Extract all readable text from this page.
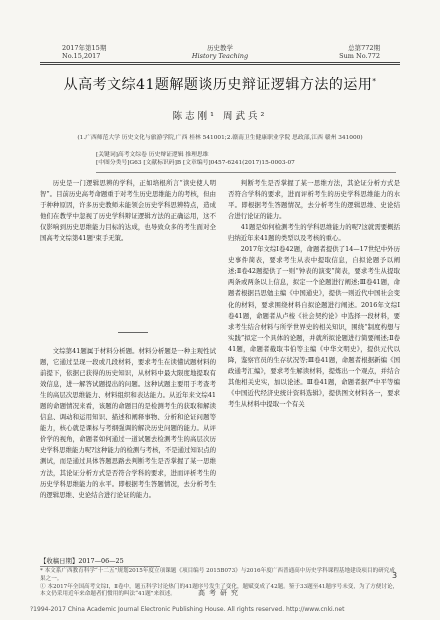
2017年第15期
No.15,2017
历史教学
History Teaching
总第772期
Sum No.772
从高考文综41题解题谈历史辩证逻辑方法的运用*
陈志刚¹ 周武兵²
(1.广西师范大学 历史文化与旅游学院,广西 桂林 541001;2.赣南卫生健康职业学院 思政部,江西 赣州 341000)
[关键词]高考文综卷 历史辩证逻辑 推理思维
[中图分类号]G63 [文献标识码]B [文章编号]0457-6241(2017)15-0003-07

历史是一门逻辑思辨的学科，正如培根所言“读史使人明智”。目前历史高考命题重于对考生历史思维能力的考核，但由于种种原因，许多历史教师未能领会历史学科思辨特点，造成他们在教学中忽视了历史学科辩证逻辑方法的正确运用，这不仅影响到历史思维能力目标的达成，也导致众多的考生面对全国高考文综第41题¹束手无策。

文综第41题属于材料分析题。材料分析题是一种主观性试题，它通过呈现一段或几段材料，要求考生在读懂试题材料的前提下，依据已获得的历史知识，从材料中最大限度地提取有效信息，进一解答试题提出的问题。这种试题主要用于考查考生的高层次思维能力、材料组织和表达能力。从近年来文综41题的命题情况来看，该题的命题目的是检测考生的获取和解读信息、调动和运用知识、描述和阐释事物、分析和论证问题等能力，核心就是课标与考纲强调的解决历史问题的能力。从评价学的视角，命题者如何通过一道试题去检测考生的高层次历史学科思维能力呢?这种能力的检测与考核，不是通过知识点的测试，而是通过具体答题思路去判断考生是否掌握了某一思维方法，其论证分析方式是否符合学科的要求，进而评析考生的历史学科思维能力的水平。即根据考生答题情况，去分析考生的逻辑思维、史论结合进行论证的能力。

【收稿日期】2017—06—25

判断考生是否掌握了某一思维方法，其论证分析方式是否符合学科的要求，进而评析考生的历史学科思维能力的水平。即根据考生答题情况，去分析考生的逻辑思维、史论结合进行论证的能力。

41题是如何检测考生的学科思维能力的呢?这就需要概括归纳近年来41题的类型以及考核的重心。

2017年文综Ⅰ卷42题，命题者提供了14—17世纪中外历史事件简表，要求考生从表中提取信息，自拟论题予以阐述;Ⅱ卷42题提供了一则“钟表的演变”简表，要求考生从提取两条或两条以上信息，拟定一个论题进行阐述;Ⅲ卷41题，命题者根据吕思勉主编《中国通史》，提供一则近代中国社会变化的材料，要求围绕材料自拟论题进行阐述。2016年文综Ⅰ卷41题，命题者从卢梭《社会契约论》中选择一段材料，要求考生结合材料与所学世界史的相关知识，围绕“制度构想与实践”拟定一个具体的论题，并就所拟论题进行简要阐述;Ⅱ卷41题，命题者截取韦伯等主编《中华文明史》，提供元代以降，鉴察官员的生存状况等;Ⅲ卷41题，命题者根据新编《国政通考汇编》，要求考生解读材料，提炼出一个观点，并结合其他相关史实，加以论述。Ⅲ卷41题，命题者据严中平等编《中国近代经济史统计资料选辑》，提供图文材料各一，要求考生从材料中提取一个有关

* 本文系广西教育科学“十二五”规划2015年度立项课题《项目编号 2015B073》与2016年度广西普通高中历史学科课程基地建设项目的研究成果之一。
① 本2017年全国高考文综Ⅰ，Ⅱ卷中，题五科学讨论热门的41题序号发生了变化，题赋变成了42题。鉴于33题至41题序号未变，为了方便讨论，本文仍采用近年来命题者们惯用的叫法“41题”来叙述。
3
高考研究
?1994-2017 China Academic Journal Electronic Publishing House. All rights reserved. http://www.cnki.net
